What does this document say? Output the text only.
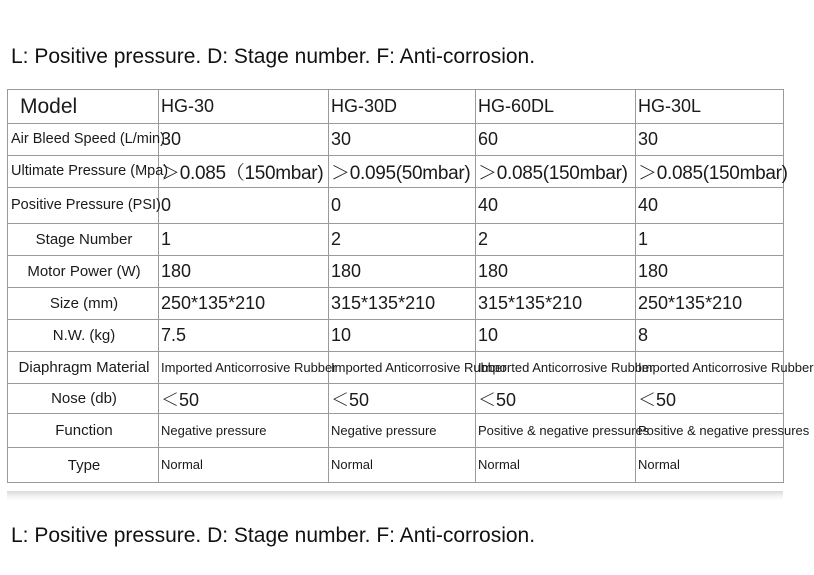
L: Positive pressure. D: Stage number. F: Anti-corrosion.
Model	HG-30	HG-30D	HG-60DL	HG-30L
Air Bleed Speed (L/min)	30	30	60	30
Ultimate Pressure (Mpa)	＞0.085（150mbar)	＞0.095(50mbar)	＞0.085(150mbar)	＞0.085(150mbar)
Positive Pressure (PSI)	0	0	40	40
Stage Number	1	2	2	1
Motor Power (W)	180	180	180	180
Size (mm)	250*135*210	315*135*210	315*135*210	250*135*210
N.W. (kg)	7.5	10	10	8
Diaphragm Material	Imported Anticorrosive Rubber	Imported Anticorrosive Rubber	Imported Anticorrosive Rubber	Imported Anticorrosive Rubber
Nose (db)	＜50	＜50	＜50	＜50
Function	Negative pressure	Negative pressure	Positive & negative pressures	Positive & negative pressures
Type	Normal	Normal	Normal	Normal
L: Positive pressure. D: Stage number. F: Anti-corrosion.
